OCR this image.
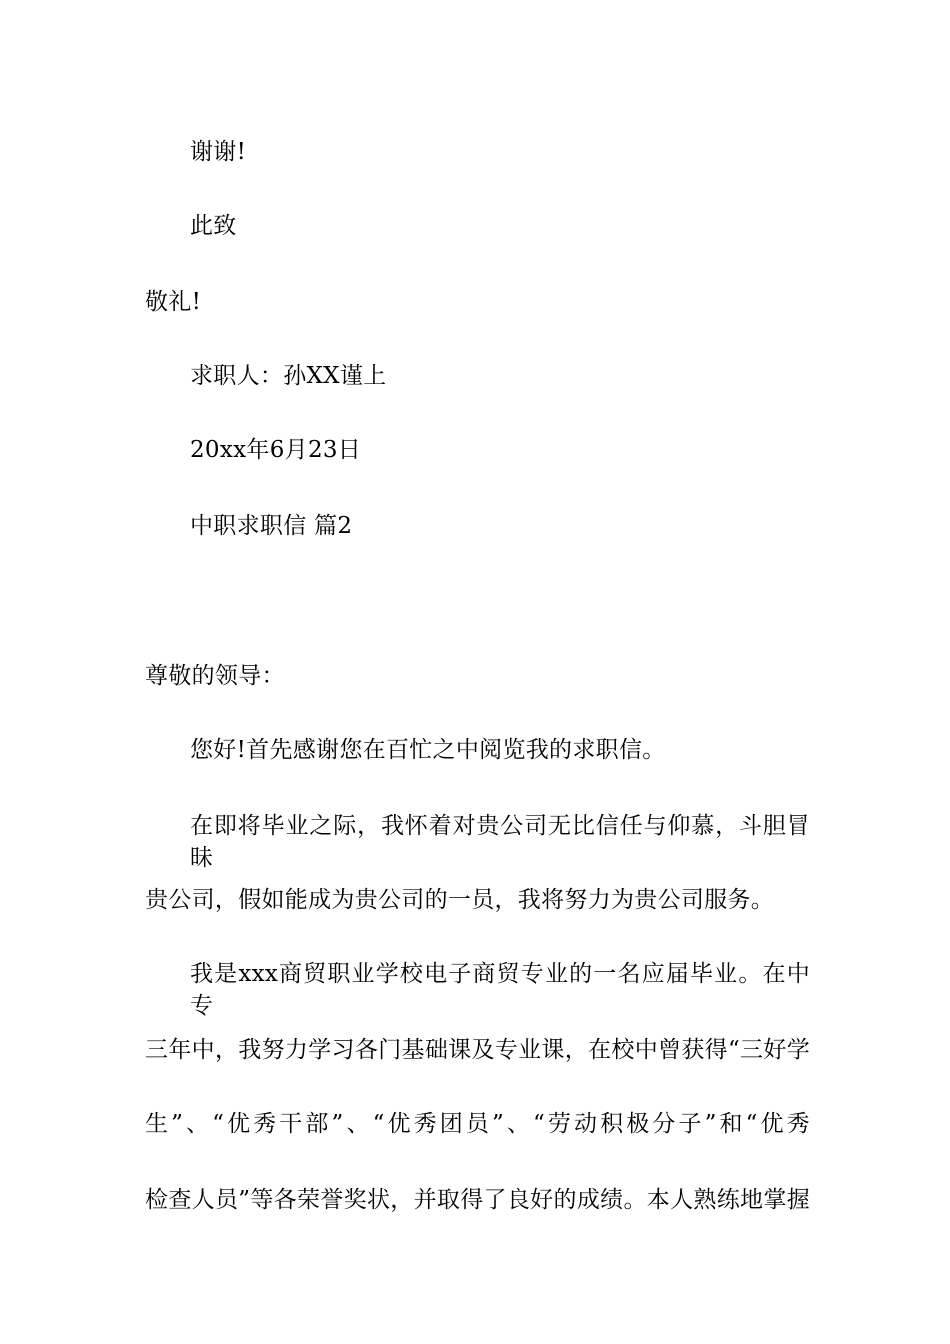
谢谢!
此致
敬礼!
求职人：孙XX谨上
20xx年6月23日
中职求职信 篇2
尊敬的领导：
您好!首先感谢您在百忙之中阅览我的求职信。
在即将毕业之际，我怀着对贵公司无比信任与仰慕，斗胆冒昧
贵公司，假如能成为贵公司的一员，我将努力为贵公司服务。
我是xxx商贸职业学校电子商贸专业的一名应届毕业。在中专
三年中，我努力学习各门基础课及专业课，在校中曾获得“三好学
生”、“优秀干部”、“优秀团员”、“劳动积极分子”和“优秀
检查人员”等各荣誉奖状，并取得了良好的成绩。本人熟练地掌握
